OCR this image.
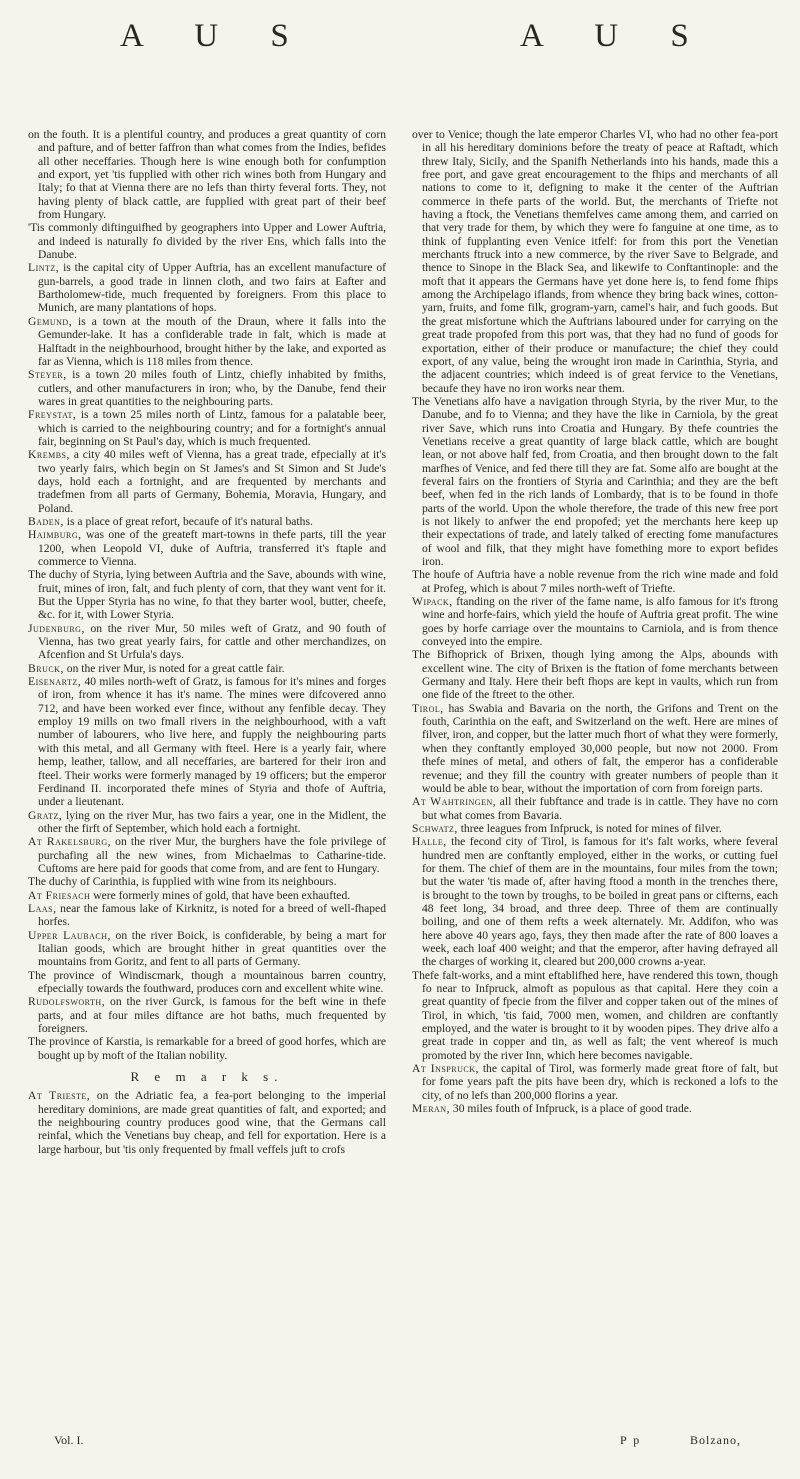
A U S	A U S

on the fouth. It is a plentiful country, and produces a great quantity of corn and pafture, and of better faffron than what comes from the Indies, befides all other neceffaries. Though here is wine enough both for confumption and export, yet 'tis fupplied with other rich wines both from Hungary and Italy; fo that at Vienna there are no lefs than thirty feveral forts. They, not having plenty of black cattle, are fupplied with great part of their beef from Hungary.

'Tis commonly diftinguifhed by geographers into Upper and Lower Auftria, and indeed is naturally fo divided by the river Ens, which falls into the Danube.

Lintz, is the capital city of Upper Auftria, has an excellent manufacture of gun-barrels, a good trade in linnen cloth, and two fairs at Eafter and Bartholomew-tide, much frequented by foreigners. From this place to Munich, are many plantations of hops.

Gemund, is a town at the mouth of the Draun, where it falls into the Gemunder-lake. It has a confiderable trade in falt, which is made at Halftadt in the neighbourhood, brought hither by the lake, and exported as far as Vienna, which is 118 miles from thence.

Steyer, is a town 20 miles fouth of Lintz, chiefly inhabited by fmiths, cutlers, and other manufacturers in iron; who, by the Danube, fend their wares in great quantities to the neighbouring parts.

Freystat, is a town 25 miles north of Lintz, famous for a palatable beer, which is carried to the neighbouring country; and for a fortnight's annual fair, beginning on St Paul's day, which is much frequented.

Krembs, a city 40 miles weft of Vienna, has a great trade, efpecially at it's two yearly fairs, which begin on St James's and St Simon and St Jude's days, hold each a fortnight, and are frequented by merchants and tradefmen from all parts of Germany, Bohemia, Moravia, Hungary, and Poland.

Baden, is a place of great refort, becaufe of it's natural baths.

Haimburg, was one of the greateft mart-towns in thefe parts, till the year 1200, when Leopold VI, duke of Auftria, transferred it's ftaple and commerce to Vienna.

The duchy of Styria, lying between Auftria and the Save, abounds with wine, fruit, mines of iron, falt, and fuch plenty of corn, that they want vent for it. But the Upper Styria has no wine, fo that they barter wool, butter, cheefe, &c. for it, with Lower Styria.

Judenburg, on the river Mur, 50 miles weft of Gratz, and 90 fouth of Vienna, has two great yearly fairs, for cattle and other merchandizes, on Afcenfion and St Urfula's days.

Bruck, on the river Mur, is noted for a great cattle fair.

Eisenartz, 40 miles north-weft of Gratz, is famous for it's mines and forges of iron, from whence it has it's name. The mines were difcovered anno 712, and have been worked ever fince, without any fenfible decay. They employ 19 mills on two fmall rivers in the neighbourhood, with a vaft number of labourers, who live here, and fupply the neighbouring parts with this metal, and all Germany with fteel. Here is a yearly fair, where hemp, leather, tallow, and all neceffaries, are bartered for their iron and fteel. Their works were formerly managed by 19 officers; but the emperor Ferdinand II. incorporated thefe mines of Styria and thofe of Auftria, under a lieutenant.

Gratz, lying on the river Mur, has two fairs a year, one in the Midlent, the other the firft of September, which hold each a fortnight.

At Rakelsburg, on the river Mur, the burghers have the fole privilege of purchafing all the new wines, from Michaelmas to Catharine-tide. Cuftoms are here paid for goods that come from, and are fent to Hungary.

The duchy of Carinthia, is fupplied with wine from its neighbours.

At Friesach were formerly mines of gold, that have been exhaufted.

Laas, near the famous lake of Kirknitz, is noted for a breed of well-fhaped horfes.

Upper Laubach, on the river Boick, is confiderable, by being a mart for Italian goods, which are brought hither in great quantities over the mountains from Goritz, and fent to all parts of Germany.

The province of Windiscmark, though a mountainous barren country, efpecially towards the fouthward, produces corn and excellent white wine.

Rudolfsworth, on the river Gurck, is famous for the beft wine in thefe parts, and at four miles diftance are hot baths, much frequented by foreigners.

The province of Karstia, is remarkable for a breed of good horfes, which are bought up by moft of the Italian nobility.

R e m a r k s.

At Trieste, on the Adriatic fea, a fea-port belonging to the imperial hereditary dominions, are made great quantities of falt, and exported; and the neighbouring country produces good wine, that the Germans call reinfal, which the Venetians buy cheap, and fell for exportation. Here is a large harbour, but 'tis only frequented by fmall veffels juft to crofs

over to Venice; though the late emperor Charles VI, who had no other fea-port in all his hereditary dominions before the treaty of peace at Raftadt, which threw Italy, Sicily, and the Spanifh Netherlands into his hands, made this a free port, and gave great encouragement to the fhips and merchants of all nations to come to it, defigning to make it the center of the Auftrian commerce in thefe parts of the world. But, the merchants of Triefte not having a ftock, the Venetians themfelves came among them, and carried on that very trade for them, by which they were fo fanguine at one time, as to think of fupplanting even Venice itfelf: for from this port the Venetian merchants ftruck into a new commerce, by the river Save to Belgrade, and thence to Sinope in the Black Sea, and likewife to Conftantinople: and the moft that it appears the Germans have yet done here is, to fend fome fhips among the Archipelago iflands, from whence they bring back wines, cotton-yarn, fruits, and fome filk, grogram-yarn, camel's hair, and fuch goods. But the great misfortune which the Auftrians laboured under for carrying on the great trade propofed from this port was, that they had no fund of goods for exportation, either of their produce or manufacture; the chief they could export, of any value, being the wrought iron made in Carinthia, Styria, and the adjacent countries; which indeed is of great fervice to the Venetians, becaufe they have no iron works near them.

The Venetians alfo have a navigation through Styria, by the river Mur, to the Danube, and fo to Vienna; and they have the like in Carniola, by the great river Save, which runs into Croatia and Hungary. By thefe countries the Venetians receive a great quantity of large black cattle, which are bought lean, or not above half fed, from Croatia, and then brought down to the falt marfhes of Venice, and fed there till they are fat. Some alfo are bought at the feveral fairs on the frontiers of Styria and Carinthia; and they are the beft beef, when fed in the rich lands of Lombardy, that is to be found in thofe parts of the world. Upon the whole therefore, the trade of this new free port is not likely to anfwer the end propofed; yet the merchants here keep up their expectations of trade, and lately talked of erecting fome manufactures of wool and filk, that they might have fomething more to export befides iron.

The houfe of Auftria have a noble revenue from the rich wine made and fold at Profeg, which is about 7 miles north-weft of Triefte.

Wipack, ftanding on the river of the fame name, is alfo famous for it's ftrong wine and horfe-fairs, which yield the houfe of Auftria great profit. The wine goes by horfe carriage over the mountains to Carniola, and is from thence conveyed into the empire.

The Bifhoprick of Brixen, though lying among the Alps, abounds with excellent wine. The city of Brixen is the ftation of fome merchants between Germany and Italy. Here their beft fhops are kept in vaults, which run from one fide of the ftreet to the other.

Tirol, has Swabia and Bavaria on the north, the Grifons and Trent on the fouth, Carinthia on the eaft, and Switzerland on the weft. Here are mines of filver, iron, and copper, but the latter much fhort of what they were formerly, when they conftantly employed 30,000 people, but now not 2000. From thefe mines of metal, and others of falt, the emperor has a confiderable revenue; and they fill the country with greater numbers of people than it would be able to bear, without the importation of corn from foreign parts.

At Wahtringen, all their fubftance and trade is in cattle. They have no corn but what comes from Bavaria.

Schwatz, three leagues from Infpruck, is noted for mines of filver.

Halle, the fecond city of Tirol, is famous for it's falt works, where feveral hundred men are conftantly employed, either in the works, or cutting fuel for them. The chief of them are in the mountains, four miles from the town; but the water 'tis made of, after having ftood a month in the trenches there, is brought to the town by troughs, to be boiled in great pans or cifterns, each 48 feet long, 34 broad, and three deep. Three of them are continually boiling, and one of them refts a week alternately. Mr. Addifon, who was here above 40 years ago, fays, they then made after the rate of 800 loaves a week, each loaf 400 weight; and that the emperor, after having defrayed all the charges of working it, cleared but 200,000 crowns a-year.

Thefe falt-works, and a mint eftablifhed here, have rendered this town, though fo near to Infpruck, almoft as populous as that capital. Here they coin a great quantity of fpecie from the filver and copper taken out of the mines of Tirol, in which, 'tis faid, 7000 men, women, and children are conftantly employed, and the water is brought to it by wooden pipes. They drive alfo a great trade in copper and tin, as well as falt; the vent whereof is much promoted by the river Inn, which here becomes navigable.

At Inspruck, the capital of Tirol, was formerly made great ftore of falt, but for fome years paft the pits have been dry, which is reckoned a lofs to the city, of no lefs than 200,000 florins a year.

Meran, 30 miles fouth of Infpruck, is a place of good trade.

Vol. I.	P p	Bolzano,
